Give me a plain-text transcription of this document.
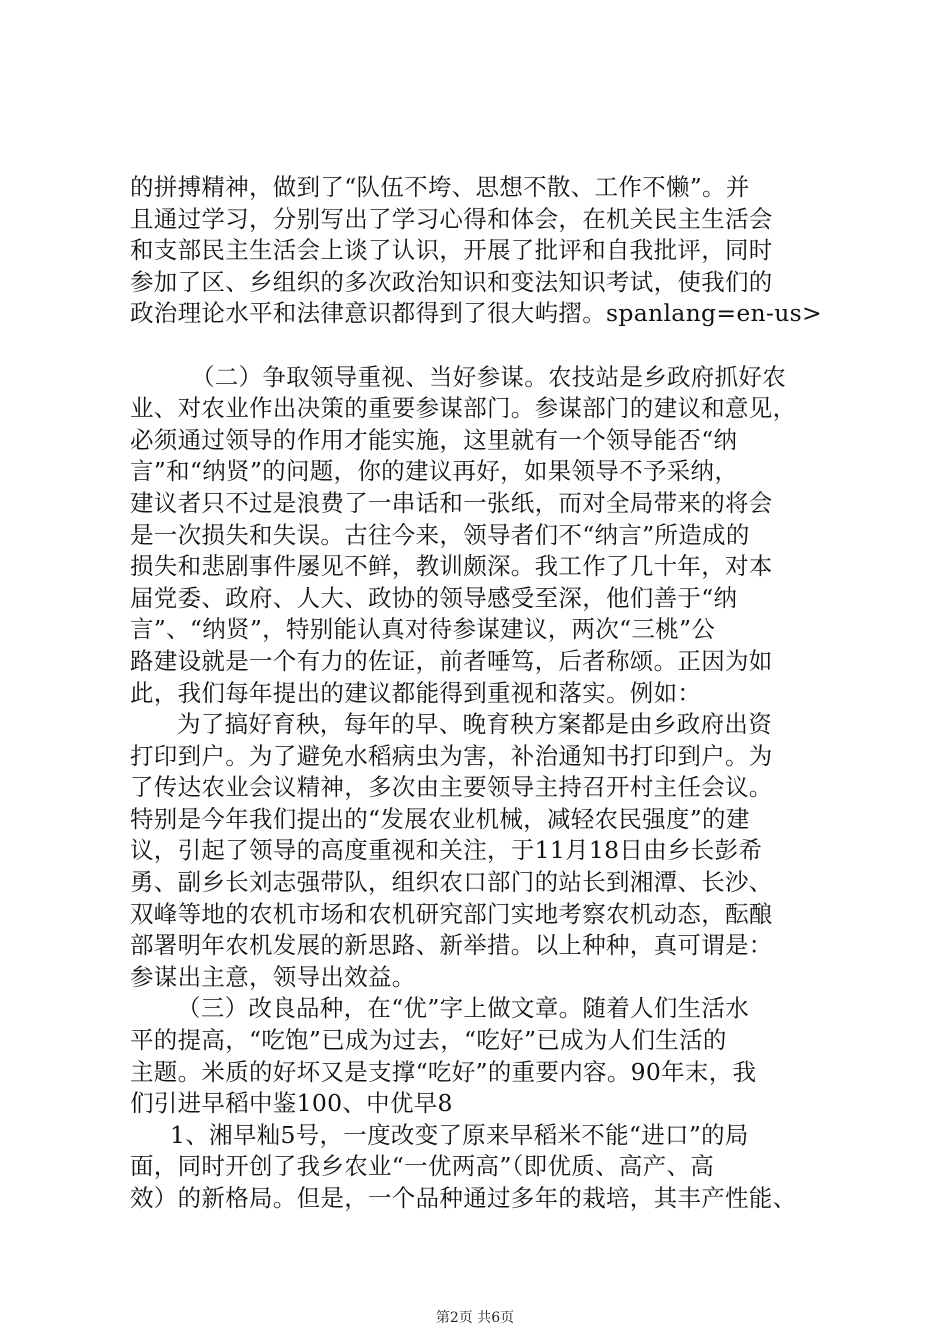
的拼搏精神，做到了“队伍不垮、思想不散、工作不懒”。并
且通过学习，分别写出了学习心得和体会，在机关民主生活会
和支部民主生活会上谈了认识，开展了批评和自我批评，同时
参加了区、乡组织的多次政治知识和变法知识考试，使我们的
政治理论水平和法律意识都得到了很大屿摺。spanlang=en-us>
（二）争取领导重视、当好参谋。农技站是乡政府抓好农
业、对农业作出决策的重要参谋部门。参谋部门的建议和意见，
必须通过领导的作用才能实施，这里就有一个领导能否“纳
言”和“纳贤”的问题，你的建议再好，如果领导不予采纳，
建议者只不过是浪费了一串话和一张纸，而对全局带来的将会
是一次损失和失误。古往今来，领导者们不“纳言”所造成的
损失和悲剧事件屡见不鲜，教训颇深。我工作了几十年，对本
届党委、政府、人大、政协的领导感受至深，他们善于“纳
言”、“纳贤”，特别能认真对待参谋建议，两次“三桃”公
路建设就是一个有力的佐证，前者唾笃，后者称颂。正因为如
此，我们每年提出的建议都能得到重视和落实。例如：
为了搞好育秧，每年的早、晚育秧方案都是由乡政府出资
打印到户。为了避免水稻病虫为害，补治通知书打印到户。为
了传达农业会议精神，多次由主要领导主持召开村主任会议。
特别是今年我们提出的“发展农业机械，减轻农民强度”的建
议，引起了领导的高度重视和关注，于11月18日由乡长彭希
勇、副乡长刘志强带队，组织农口部门的站长到湘潭、长沙、
双峰等地的农机市场和农机研究部门实地考察农机动态，酝酿
部署明年农机发展的新思路、新举措。以上种种，真可谓是：
参谋出主意，领导出效益。
（三）改良品种，在“优”字上做文章。随着人们生活水
平的提高，“吃饱”已成为过去，“吃好”已成为人们生活的
主题。米质的好坏又是支撑“吃好”的重要内容。90年末，我
们引进早稻中鉴100、中优早8
1、湘早籼5号，一度改变了原来早稻米不能“进口”的局
面，同时开创了我乡农业“一优两高”（即优质、高产、高
效）的新格局。但是，一个品种通过多年的栽培，其丰产性能、
第2页 共6页
